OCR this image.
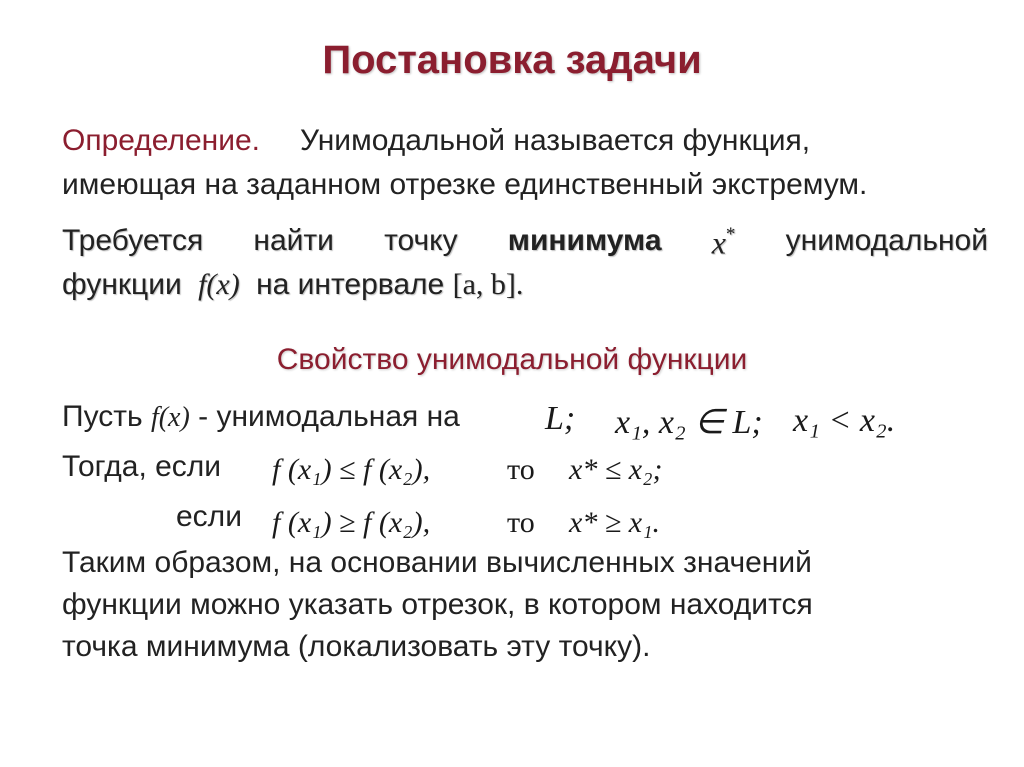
Постановка задачи
Определение. Унимодальной называется функция,
имеющая на заданном отрезке единственный экстремум.
Требуется найти точку минимума x* унимодальной
функции f(x) на интервале [a, b].
Свойство унимодальной функции
Пусть f(x) - унимодальная на	L; x₁, x₂ ∈ L; x₁ < x₂.
Тогда, если f (x₁) ≤ f (x₂),	то x* ≤ x₂;
если f (x₁) ≥ f (x₂),	то x* ≥ x₁.
Таким образом, на основании вычисленных значений
функции можно указать отрезок, в котором находится
точка минимума (локализовать эту точку).
